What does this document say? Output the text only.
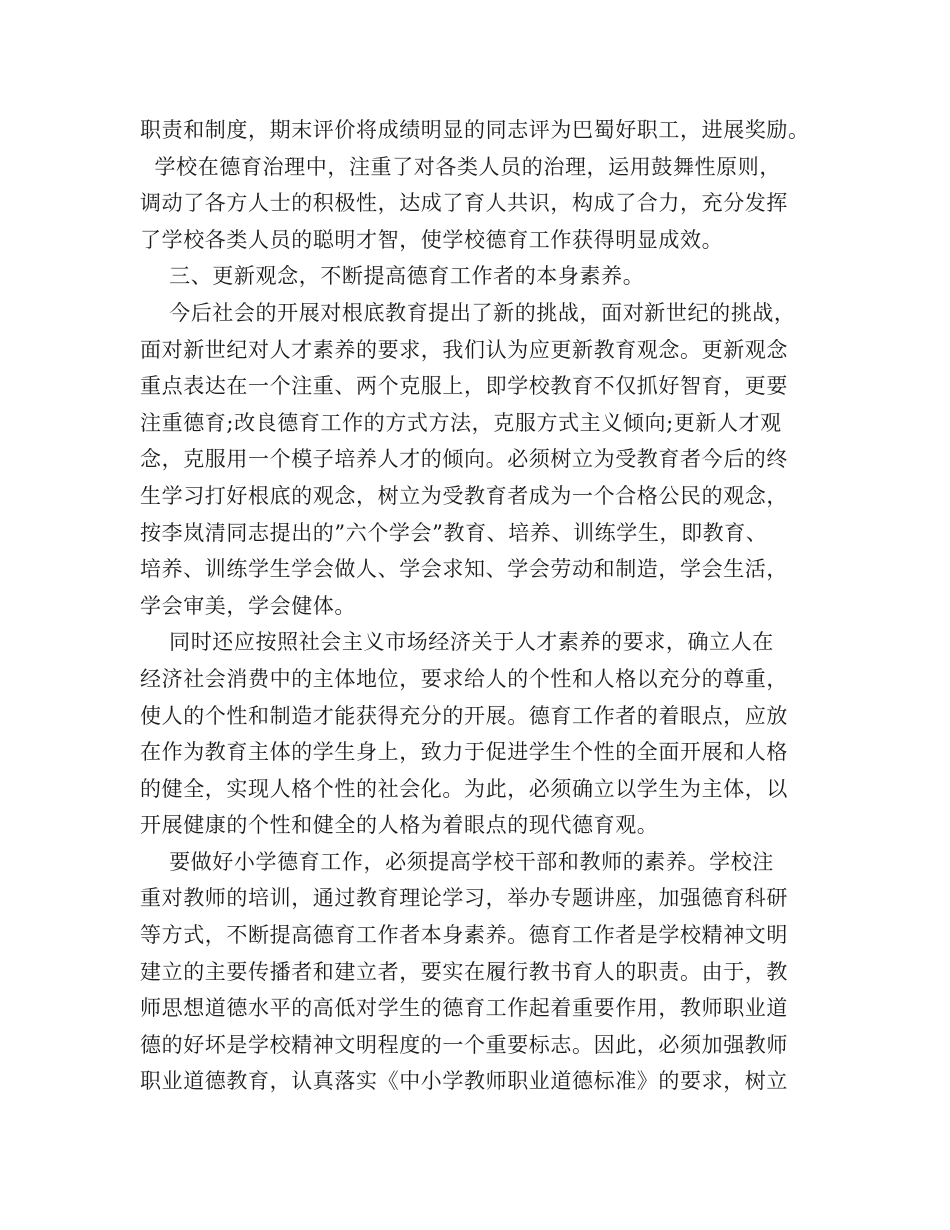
职责和制度，期末评价将成绩明显的同志评为巴蜀好职工，进展奖励。
学校在德育治理中，注重了对各类人员的治理，运用鼓舞性原则，
调动了各方人士的积极性，达成了育人共识，构成了合力，充分发挥
了学校各类人员的聪明才智，使学校德育工作获得明显成效。
三、更新观念，不断提高德育工作者的本身素养。
今后社会的开展对根底教育提出了新的挑战，面对新世纪的挑战，
面对新世纪对人才素养的要求，我们认为应更新教育观念。更新观念
重点表达在一个注重、两个克服上，即学校教育不仅抓好智育，更要
注重德育;改良德育工作的方式方法，克服方式主义倾向;更新人才观
念，克服用一个模子培养人才的倾向。必须树立为受教育者今后的终
生学习打好根底的观念，树立为受教育者成为一个合格公民的观念，
按李岚清同志提出的”六个学会”教育、培养、训练学生，即教育、
培养、训练学生学会做人、学会求知、学会劳动和制造，学会生活，
学会审美，学会健体。
同时还应按照社会主义市场经济关于人才素养的要求，确立人在
经济社会消费中的主体地位，要求给人的个性和人格以充分的尊重，
使人的个性和制造才能获得充分的开展。德育工作者的着眼点，应放
在作为教育主体的学生身上，致力于促进学生个性的全面开展和人格
的健全，实现人格个性的社会化。为此，必须确立以学生为主体，以
开展健康的个性和健全的人格为着眼点的现代德育观。
要做好小学德育工作，必须提高学校干部和教师的素养。学校注
重对教师的培训，通过教育理论学习，举办专题讲座，加强德育科研
等方式，不断提高德育工作者本身素养。德育工作者是学校精神文明
建立的主要传播者和建立者，要实在履行教书育人的职责。由于，教
师思想道德水平的高低对学生的德育工作起着重要作用，教师职业道
德的好坏是学校精神文明程度的一个重要标志。因此，必须加强教师
职业道德教育，认真落实《中小学教师职业道德标准》的要求，树立
